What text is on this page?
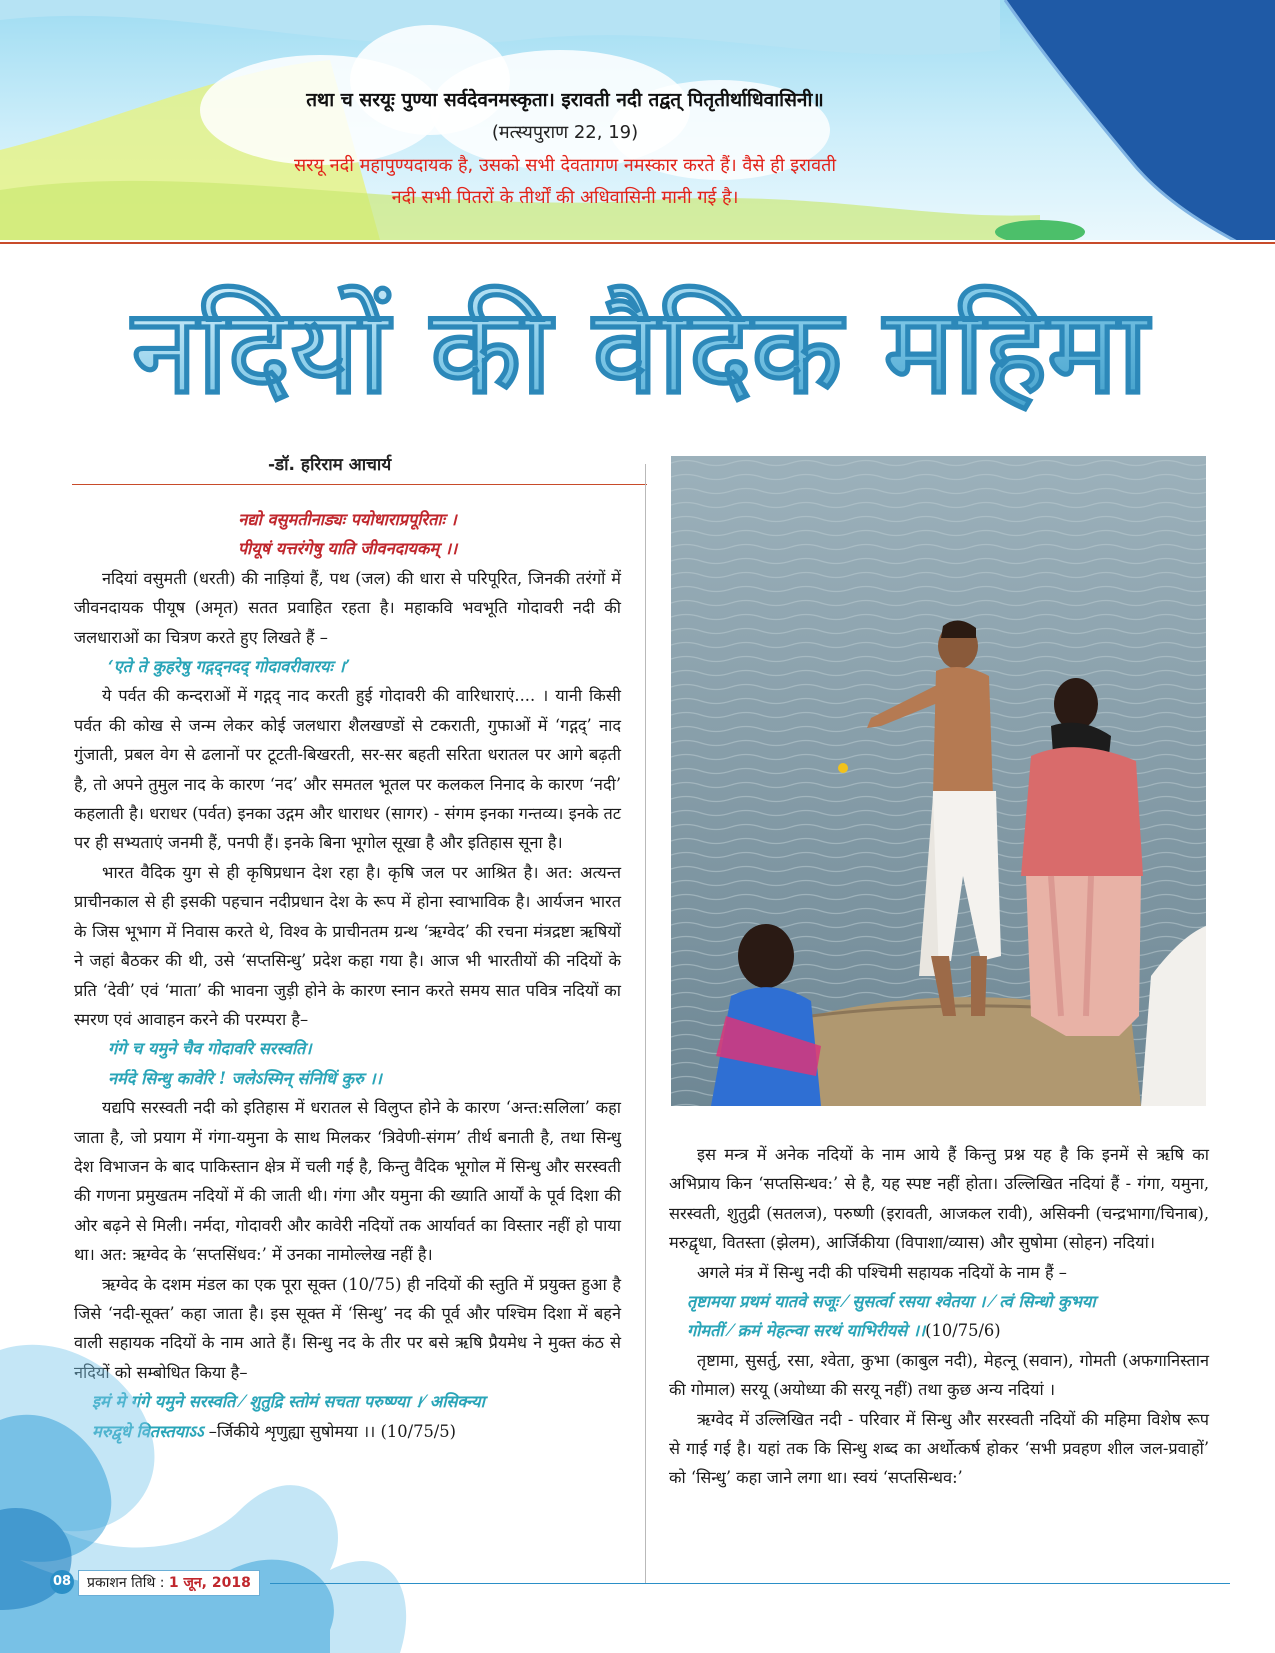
तथा च सरयूः पुण्या सर्वदेवनमस्कृता। इरावती नदी तद्वत् पितृतीर्थाधिवासिनी॥

(मत्स्यपुराण 22, 19)

सरयू नदी महापुण्यदायक है, उसको सभी देवतागण नमस्कार करते हैं। वैसे ही इरावती
नदी सभी पितरों के तीर्थों की अधिवासिनी मानी गई है।

नदियों की वैदिक महिमा
-डॉ. हरिराम आचार्य

नद्यो वसुमतीनाड्यः पयोधाराप्रपूरिताः ।
पीयूषं यत्तरंगेषु याति जीवनदायकम् ।।

नदियां वसुमती (धरती) की नाड़ियां हैं, पथ (जल) की धारा से परिपूरित, जिनकी तरंगों में जीवनदायक पीयूष (अमृत) सतत प्रवाहित रहता है। महाकवि भवभूति गोदावरी नदी की जलधाराओं का चित्रण करते हुए लिखते हैं –

‘एते ते कुहरेषु गद्गद्नदद् गोदावरीवारयः ।’

ये पर्वत की कन्दराओं में गद्गद् नाद करती हुई गोदावरी की वारिधाराएं.... । यानी किसी पर्वत की कोख से जन्म लेकर कोई जलधारा शैलखण्डों से टकराती, गुफाओं में ‘गद्गद्’ नाद गुंजाती, प्रबल वेग से ढलानों पर टूटती-बिखरती, सर-सर बहती सरिता धरातल पर आगे बढ़ती है, तो अपने तुमुल नाद के कारण ‘नद’ और समतल भूतल पर कलकल निनाद के कारण ‘नदी’ कहलाती है। धराधर (पर्वत) इनका उद्गम और धाराधर (सागर) - संगम इनका गन्तव्य। इनके तट पर ही सभ्यताएं जनमी हैं, पनपी हैं। इनके बिना भूगोल सूखा है और इतिहास सूना है।

भारत वैदिक युग से ही कृषिप्रधान देश रहा है। कृषि जल पर आश्रित है। अत: अत्यन्त प्राचीनकाल से ही इसकी पहचान नदीप्रधान देश के रूप में होना स्वाभाविक है। आर्यजन भारत के जिस भूभाग में निवास करते थे, विश्व के प्राचीनतम ग्रन्थ ‘ऋग्वेद’ की रचना मंत्रद्रष्टा ऋषियों ने जहां बैठकर की थी, उसे ‘सप्तसिन्धु’ प्रदेश कहा गया है। आज भी भारतीयों की नदियों के प्रति ‘देवी’ एवं ‘माता’ की भावना जुड़ी होने के कारण स्नान करते समय सात पवित्र नदियों का स्मरण एवं आवाहन करने की परम्परा है–

गंगे च यमुने चैव गोदावरि सरस्वति।
नर्मदे सिन्धु कावेरि ! जलेऽस्मिन् संनिधिं कुरु ।।

यद्यपि सरस्वती नदी को इतिहास में धरातल से विलुप्त होने के कारण ‘अन्त:सलिला’ कहा जाता है, जो प्रयाग में गंगा-यमुना के साथ मिलकर ‘त्रिवेणी-संगम’ तीर्थ बनाती है, तथा सिन्धु देश विभाजन के बाद पाकिस्तान क्षेत्र में चली गई है, किन्तु वैदिक भूगोल में सिन्धु और सरस्वती की गणना प्रमुखतम नदियों में की जाती थी। गंगा और यमुना की ख्याति आर्यों के पूर्व दिशा की ओर बढ़ने से मिली। नर्मदा, गोदावरी और कावेरी नदियों तक आर्यावर्त का विस्तार नहीं हो पाया था। अत: ऋग्वेद के ‘सप्तसिंधव:’ में उनका नामोल्लेख नहीं है।

ऋग्वेद के दशम मंडल का एक पूरा सूक्त (10/75) ही नदियों की स्तुति में प्रयुक्त हुआ है जिसे ‘नदी-सूक्त’ कहा जाता है। इस सूक्त में ‘सिन्धु’ नद की पूर्व और पश्चिम दिशा में बहने वाली सहायक नदियों के नाम आते हैं। सिन्धु नद के तीर पर बसे ऋषि प्रैयमेध ने मुक्त कंठ से नदियों को सम्बोधित किया है–

इमं मे गंगे यमुने सरस्वति ⁄ शुतुद्रि स्तोमं सचता परुष्ण्या ।⁄ असिक्न्या
मरुद्वृधे वितस्तयाऽऽ –र्जिकीये शृणुह्या सुषोमया ।। (10/75/5)

इस मन्त्र में अनेक नदियों के नाम आये हैं किन्तु प्रश्न यह है कि इनमें से ऋषि का अभिप्राय किन ‘सप्तसिन्धव:’ से है, यह स्पष्ट नहीं होता। उल्लिखित नदियां हैं - गंगा, यमुना, सरस्वती, शुतुद्री (सतलज), परुष्णी (इरावती, आजकल रावी), असिक्नी (चन्द्रभागा/चिनाब), मरुद्वृधा, वितस्ता (झेलम), आर्जिकीया (विपाशा/व्यास) और सुषोमा (सोहन) नदियां।

अगले मंत्र में सिन्धु नदी की पश्चिमी सहायक नदियों के नाम हैं –

तृष्टामया प्रथमं यातवे सजूः ⁄ सुसर्त्वा रसया श्वेतया । ⁄ त्वं सिन्धो कुभया
गोमतीं ⁄ क्रमं मेहत्न्वा सरथं याभिरीयसे ।।(10/75/6)

तृष्टामा, सुसर्तु, रसा, श्वेता, कुभा (काबुल नदी), मेहत्नू (सवान), गोमती (अफगानिस्तान की गोमाल) सरयू (अयोध्या की सरयू नहीं) तथा कुछ अन्य नदियां ।

ऋग्वेद में उल्लिखित नदी - परिवार में सिन्धु और सरस्वती नदियों की महिमा विशेष रूप से गाई गई है। यहां तक कि सिन्धु शब्द का अर्थोत्कर्ष होकर ‘सभी प्रवहण शील जल-प्रवाहों’ को ‘सिन्धु’ कहा जाने लगा था। स्वयं ‘सप्तसिन्धव:’

08	प्रकाशन तिथि : 1 जून, 2018
